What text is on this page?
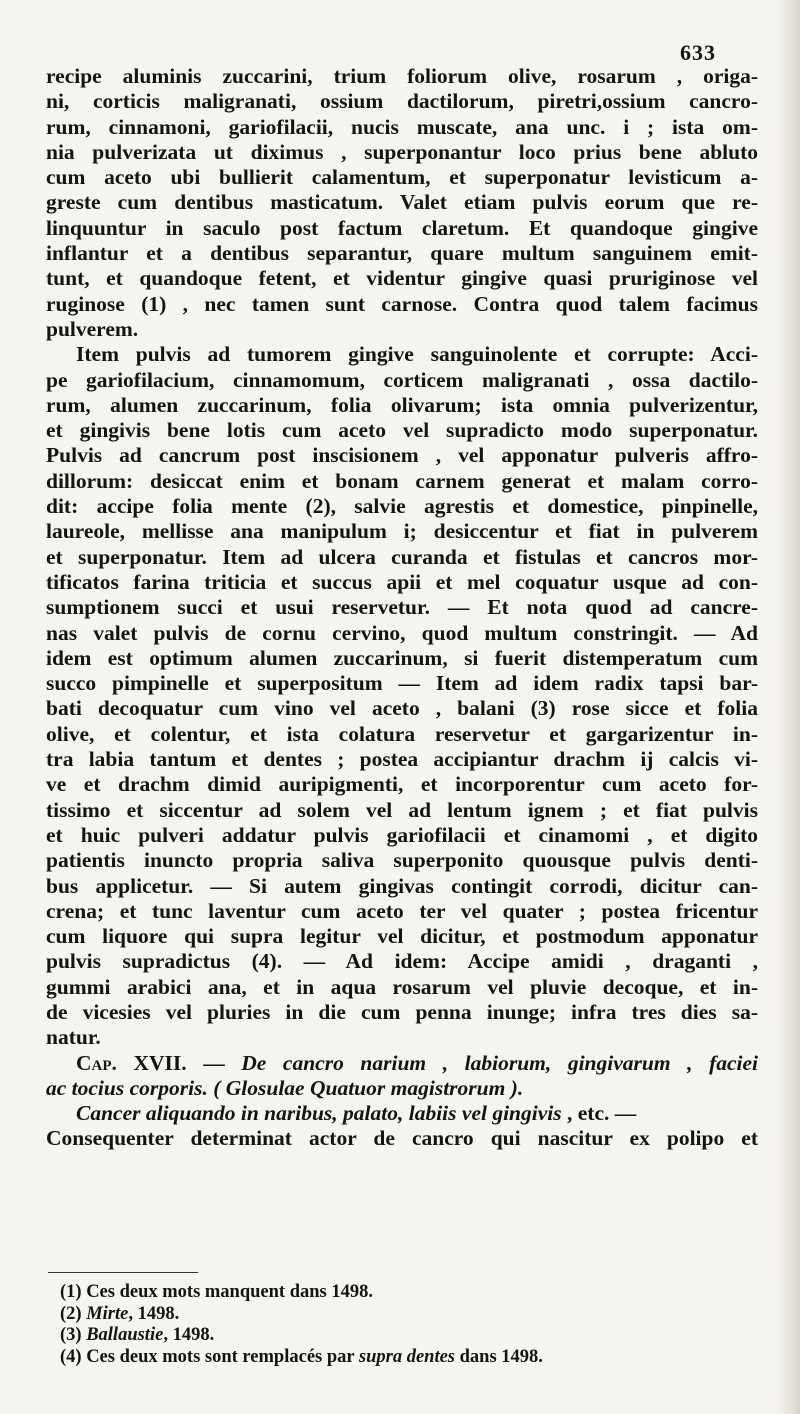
633
recipe aluminis zuccarini, trium foliorum olive, rosarum , origa-
ni, corticis maligranati, ossium dactilorum, piretri,ossium cancro-
rum, cinnamoni, gariofilacii, nucis muscate, ana unc. i ; ista om-
nia pulverizata ut diximus , superponantur loco prius bene abluto
cum aceto ubi bullierit calamentum, et superponatur levisticum a-
greste cum dentibus masticatum. Valet etiam pulvis eorum que re-
linquuntur in saculo post factum claretum. Et quandoque gingive
inflantur et a dentibus separantur, quare multum sanguinem emit-
tunt, et quandoque fetent, et videntur gingive quasi pruriginose vel
ruginose (1) , nec tamen sunt carnose. Contra quod talem facimus
pulverem.
Item pulvis ad tumorem gingive sanguinolente et corrupte: Acci-
pe gariofilacium, cinnamomum, corticem maligranati , ossa dactilo-
rum, alumen zuccarinum, folia olivarum; ista omnia pulverizentur,
et gingivis bene lotis cum aceto vel supradicto modo superponatur.
Pulvis ad cancrum post inscisionem , vel apponatur pulveris affro-
dillorum: desiccat enim et bonam carnem generat et malam corro-
dit: accipe folia mente (2), salvie agrestis et domestice, pinpinelle,
laureole, mellisse ana manipulum i; desiccentur et fiat in pulverem
et superponatur. Item ad ulcera curanda et fistulas et cancros mor-
tificatos farina triticia et succus apii et mel coquatur usque ad con-
sumptionem succi et usui reservetur. — Et nota quod ad cancre-
nas valet pulvis de cornu cervino, quod multum constringit. — Ad
idem est optimum alumen zuccarinum, si fuerit distemperatum cum
succo pimpinelle et superpositum — Item ad idem radix tapsi bar-
bati decoquatur cum vino vel aceto , balani (3) rose sicce et folia
olive, et colentur, et ista colatura reservetur et gargarizentur in-
tra labia tantum et dentes ; postea accipiantur drachm ij calcis vi-
ve et drachm dimid auripigmenti, et incorporentur cum aceto for-
tissimo et siccentur ad solem vel ad lentum ignem ; et fiat pulvis
et huic pulveri addatur pulvis gariofilacii et cinamomi , et digito
patientis inuncto propria saliva superponito quousque pulvis denti-
bus applicetur. — Si autem gingivas contingit corrodi, dicitur can-
crena; et tunc laventur cum aceto ter vel quater ; postea fricentur
cum liquore qui supra legitur vel dicitur, et postmodum apponatur
pulvis supradictus (4). — Ad idem: Accipe amidi , draganti ,
gummi arabici ana, et in aqua rosarum vel pluvie decoque, et in-
de vicesies vel pluries in die cum penna inunge; infra tres dies sa-
natur.
Cap. XVII. — De cancro narium , labiorum, gingivarum , faciei
ac tocius corporis. ( Glosulae Quatuor magistrorum ).
Cancer aliquando in naribus, palato, labiis vel gingivis , etc. —
Consequenter determinat actor de cancro qui nascitur ex polipo et
(1) Ces deux mots manquent dans 1498.
(2) Mirte, 1498.
(3) Ballaustie, 1498.
(4) Ces deux mots sont remplacés par supra dentes dans 1498.
